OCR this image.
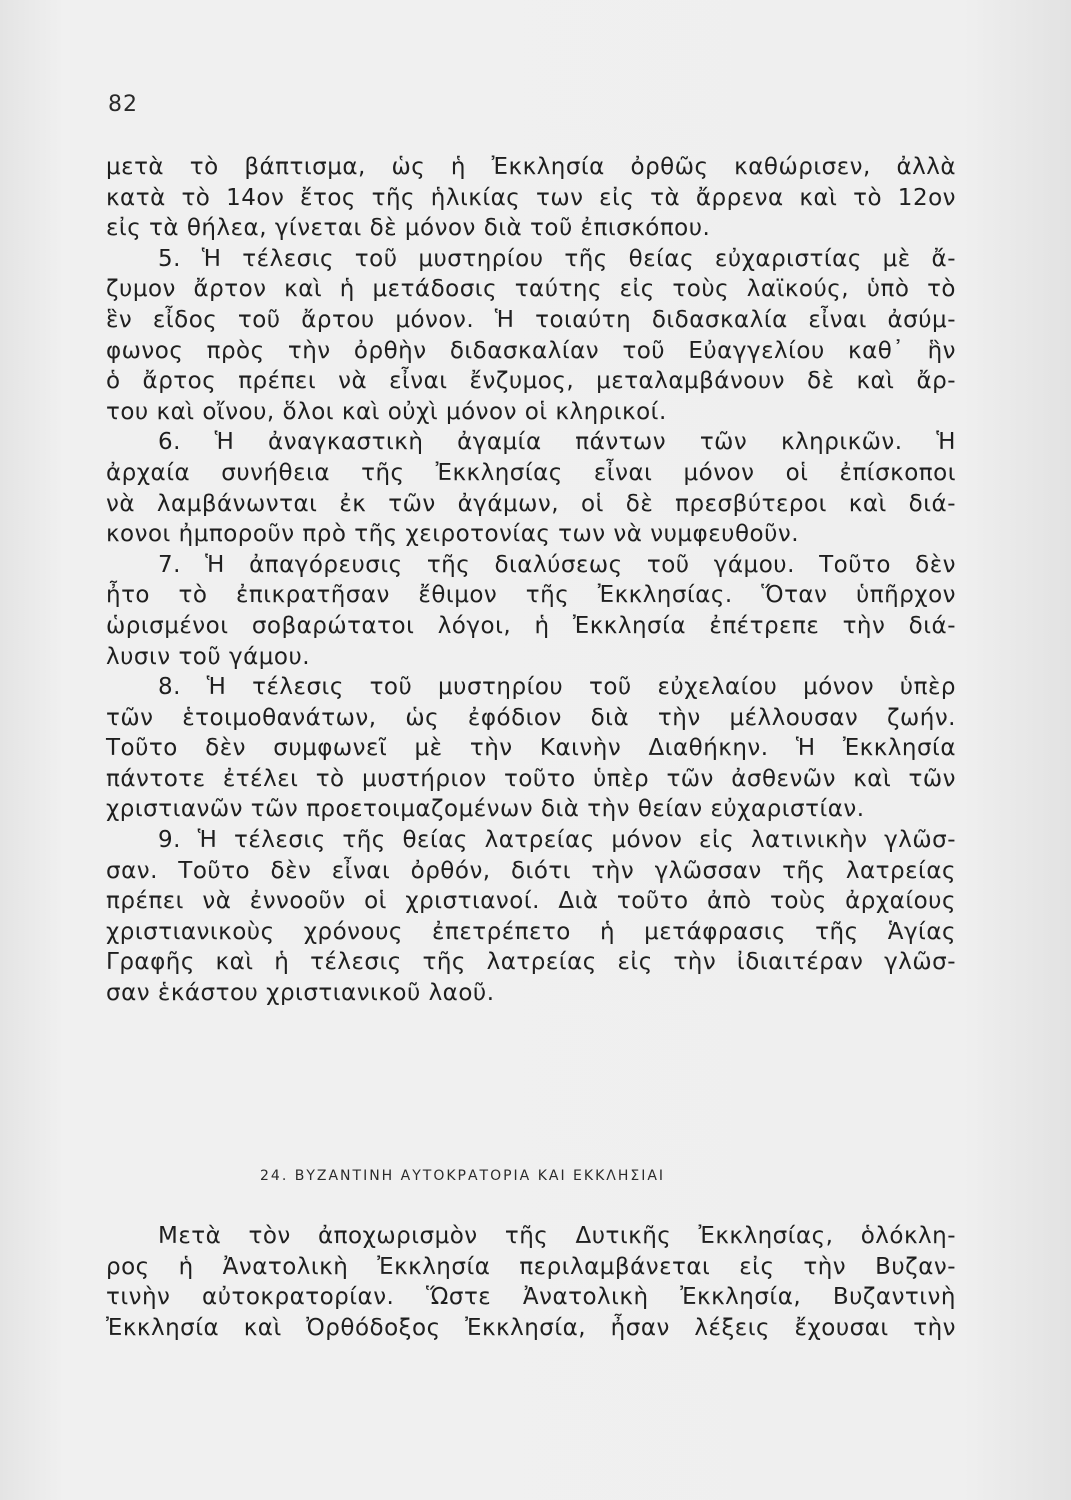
82
μετὰ τὸ βάπτισμα, ὡς ἡ Ἐκκλησία ὀρθῶς καθώρισεν, ἀλλὰ
κατὰ τὸ 14ον ἔτος τῆς ἡλικίας των εἰς τὰ ἄρρενα καὶ τὸ 12ον
εἰς τὰ θήλεα, γίνεται δὲ μόνον διὰ τοῦ ἐπισκόπου.
5. Ἡ τέλεσις τοῦ μυστηρίου τῆς θείας εὐχαριστίας μὲ ἄ-
ζυμον ἄρτον καὶ ἡ μετάδοσις ταύτης εἰς τοὺς λαϊκούς, ὑπὸ τὸ
ἓν εἶδος τοῦ ἄρτου μόνον. Ἡ τοιαύτη διδασκαλία εἶναι ἀσύμ-
φωνος πρὸς τὴν ὀρθὴν διδασκαλίαν τοῦ Εὐαγγελίου καθ᾽ ἣν
ὁ ἄρτος πρέπει νὰ εἶναι ἔνζυμος, μεταλαμβάνουν δὲ καὶ ἄρ-
του καὶ οἴνου, ὅλοι καὶ οὐχὶ μόνον οἱ κληρικοί.
6. Ἡ ἀναγκαστικὴ ἀγαμία πάντων τῶν κληρικῶν. Ἡ
ἀρχαία συνήθεια τῆς Ἐκκλησίας εἶναι μόνον οἱ ἐπίσκοποι
νὰ λαμβάνωνται ἐκ τῶν ἀγάμων, οἱ δὲ πρεσβύτεροι καὶ διά-
κονοι ἠμποροῦν πρὸ τῆς χειροτονίας των νὰ νυμφευθοῦν.
7. Ἡ ἀπαγόρευσις τῆς διαλύσεως τοῦ γάμου. Τοῦτο δὲν
ἦτο τὸ ἐπικρατῆσαν ἔθιμον τῆς Ἐκκλησίας. Ὅταν ὑπῆρχον
ὡρισμένοι σοβαρώτατοι λόγοι, ἡ Ἐκκλησία ἐπέτρεπε τὴν διά-
λυσιν τοῦ γάμου.
8. Ἡ τέλεσις τοῦ μυστηρίου τοῦ εὐχελαίου μόνον ὑπὲρ
τῶν ἑτοιμοθανάτων, ὡς ἐφόδιον διὰ τὴν μέλλουσαν ζωήν.
Τοῦτο δὲν συμφωνεῖ μὲ τὴν Καινὴν Διαθήκην. Ἡ Ἐκκλησία
πάντοτε ἐτέλει τὸ μυστήριον τοῦτο ὑπὲρ τῶν ἀσθενῶν καὶ τῶν
χριστιανῶν τῶν προετοιμαζομένων διὰ τὴν θείαν εὐχαριστίαν.
9. Ἡ τέλεσις τῆς θείας λατρείας μόνον εἰς λατινικὴν γλῶσ-
σαν. Τοῦτο δὲν εἶναι ὀρθόν, διότι τὴν γλῶσσαν τῆς λατρείας
πρέπει νὰ ἐννοοῦν οἱ χριστιανοί. Διὰ τοῦτο ἀπὸ τοὺς ἀρχαίους
χριστιανικοὺς χρόνους ἐπετρέπετο ἡ μετάφρασις τῆς Ἁγίας
Γραφῆς καὶ ἡ τέλεσις τῆς λατρείας εἰς τὴν ἰδιαιτέραν γλῶσ-
σαν ἑκάστου χριστιανικοῦ λαοῦ.
24. ΒΥΖΑΝΤΙΝΗ ΑΥΤΟΚΡΑΤΟΡΙΑ ΚΑΙ ΕΚΚΛΗΣΙΑΙ
Μετὰ τὸν ἀποχωρισμὸν τῆς Δυτικῆς Ἐκκλησίας, ὁλόκλη-
ρος ἡ Ἀνατολικὴ Ἐκκλησία περιλαμβάνεται εἰς τὴν Βυζαν-
τινὴν αὐτοκρατορίαν. Ὥστε Ἀνατολικὴ Ἐκκλησία, Βυζαντινὴ
Ἐκκλησία καὶ Ὀρθόδοξος Ἐκκλησία, ἦσαν λέξεις ἔχουσαι τὴν
